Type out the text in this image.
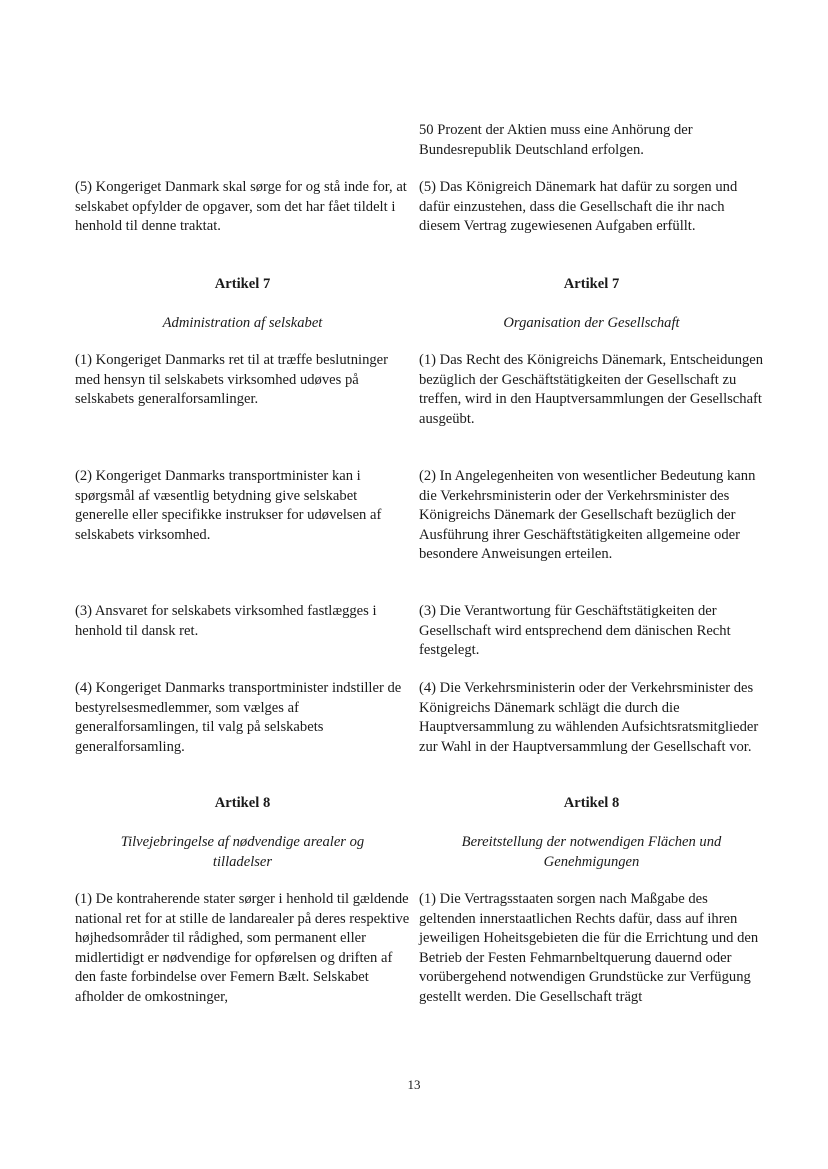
(5) Kongeriget Danmark skal sørge for og stå inde for, at selskabet opfylder de opgaver, som det har fået tildelt i henhold til denne traktat.

Artikel 7

Administration af selskabet

(1) Kongeriget Danmarks ret til at træffe beslutninger med hensyn til selskabets virksomhed udøves på selskabets generalforsamlinger.

(2) Kongeriget Danmarks transportminister kan i spørgsmål af væsentlig betydning give selskabet generelle eller specifikke instrukser for udøvelsen af selskabets virksomhed.

(3) Ansvaret for selskabets virksomhed fastlægges i henhold til dansk ret.

(4) Kongeriget Danmarks transportminister indstiller de bestyrelsesmedlemmer, som vælges af generalforsamlingen, til valg på selskabets generalforsamling.

Artikel 8

Tilvejebringelse af nødvendige arealer og tilladelser

(1) De kontraherende stater sørger i henhold til gældende national ret for at stille de landarealer på deres respektive højhedsområder til rådighed, som permanent eller midlertidigt er nødvendige for opførelsen og driften af den faste forbindelse over Femern Bælt. Selskabet afholder de omkostninger,

50 Prozent der Aktien muss eine Anhörung der Bundesrepublik Deutschland erfolgen.

(5) Das Königreich Dänemark hat dafür zu sorgen und dafür einzustehen, dass die Gesellschaft die ihr nach diesem Vertrag zugewiesenen Aufgaben erfüllt.

Artikel 7

Organisation der Gesellschaft

(1) Das Recht des Königreichs Dänemark, Entscheidungen bezüglich der Geschäftstätigkeiten der Gesellschaft zu treffen, wird in den Hauptversammlungen der Gesellschaft ausgeübt.

(2) In Angelegenheiten von wesentlicher Bedeutung kann die Verkehrsministerin oder der Verkehrsminister des Königreichs Dänemark der Gesellschaft bezüglich der Ausführung ihrer Geschäftstätigkeiten allgemeine oder besondere Anweisungen erteilen.

(3) Die Verantwortung für Geschäftstätigkeiten der Gesellschaft wird entsprechend dem dänischen Recht festgelegt.

(4) Die Verkehrsministerin oder der Verkehrsminister des Königreichs Dänemark schlägt die durch die Hauptversammlung zu wählenden Aufsichtsratsmitglieder zur Wahl in der Hauptversammlung der Gesellschaft vor.

Artikel 8

Bereitstellung der notwendigen Flächen und Genehmigungen

(1) Die Vertragsstaaten sorgen nach Maßgabe des geltenden innerstaatlichen Rechts dafür, dass auf ihren jeweiligen Hoheitsgebieten die für die Errichtung und den Betrieb der Festen Fehmarnbeltquerung dauernd oder vorübergehend notwendigen Grundstücke zur Verfügung gestellt werden. Die Gesellschaft trägt

13
